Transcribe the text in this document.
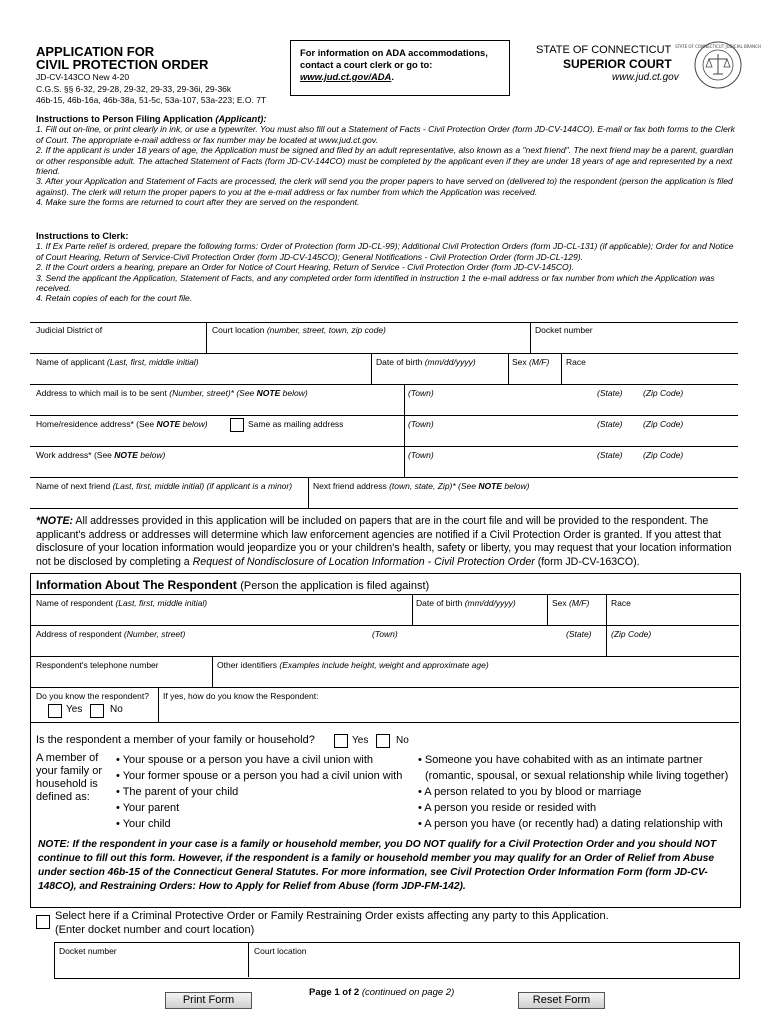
APPLICATION FOR
CIVIL PROTECTION ORDER
JD-CV-143CO New 4-20
C.G.S. §§ 6-32, 29-28, 29-32, 29-33, 29-36i, 29-36k
46b-15, 46b-16a, 46b-38a, 51-5c, 53a-107, 53a-223; E.O. 7T
For information on ADA accommodations,
contact a court clerk or go to:
www.jud.ct.gov/ADA.
STATE OF CONNECTICUT
SUPERIOR COURT
www.jud.ct.gov
STATE OF CONNECTICUT JUDICIAL BRANCH
Instructions to Person Filing Application (Applicant):
1. Fill out on-line, or print clearly in ink, or use a typewriter. You must also fill out a Statement of Facts - Civil Protection Order (form JD-CV-144CO). E-mail or fax both forms to the Clerk of Court. The appropriate e-mail address or fax number may be located at www.jud.ct.gov.
2. If the applicant is under 18 years of age, the Application must be signed and filed by an adult representative, also known as a "next friend". The next friend may be a parent, guardian or other responsible adult. The attached Statement of Facts (form JD-CV-144CO) must be completed by the applicant even if they are under 18 years of age and represented by a next friend.
3. After your Application and Statement of Facts are processed, the clerk will send you the proper papers to have served on (delivered to) the respondent (person the application is filed against). The clerk will return the proper papers to you at the e-mail address or fax number from which the Application was received.
4. Make sure the forms are returned to court after they are served on the respondent.
Instructions to Clerk:
1. If Ex Parte relief is ordered, prepare the following forms: Order of Protection (form JD-CL-99); Additional Civil Protection Orders (form JD-CL-131) (if applicable); Order for and Notice of Court Hearing, Return of Service-Civil Protection Order (form JD-CV-145CO); General Notifications - Civil Protection Order (form JD-CL-129).
2. If the Court orders a hearing, prepare an Order for Notice of Court Hearing, Return of Service - Civil Protection Order (form JD-CV-145CO).
3. Send the applicant the Application, Statement of Facts, and any completed order form identified in instruction 1 the e-mail address or fax number from which the Application was received.
4. Retain copies of each for the court file.
Judicial District of	Court location (number, street, town, zip code)	Docket number
Name of applicant (Last, first, middle initial)	Date of birth (mm/dd/yyyy)	Sex (M/F) Race
Address to which mail is to be sent (Number, street)* (See NOTE below)	(Town)	(State) (Zip Code)
Home/residence address* (See NOTE below)	Same as mailing address	(Town)	(State) (Zip Code)
Work address* (See NOTE below)	(Town)	(State) (Zip Code)
Name of next friend (Last, first, middle initial) (if applicant is a minor) Next friend address (town, state, Zip)* (See NOTE below)
*NOTE: All addresses provided in this application will be included on papers that are in the court file and will be provided to the respondent. The applicant's address or addresses will determine which law enforcement agencies are notified if a Civil Protection Order is granted. If you attest that disclosure of your location information would jeopardize you or your children's health, safety or liberty, you may request that your location information not be disclosed by completing a Request of Nondisclosure of Location Information - Civil Protection Order (form JD-CV-163CO).
Information About The Respondent (Person the application is filed against)
Name of respondent (Last, first, middle initial)	Date of birth (mm/dd/yyyy)	Sex (M/F)	Race
Address of respondent (Number, street)	(Town)	(State) (Zip Code)
Respondent's telephone number	Other identifiers (Examples include height, weight and approximate age)
Do you know the respondent? If yes, how do you know the Respondent:
Yes	No
Is the respondent a member of your family or household?	Yes	No
A member of
your family or
household is
defined as:
• Your spouse or a person you have a civil union with
• Your former spouse or a person you had a civil union with
• The parent of your child
• Your parent
• Your child
• Someone you have cohabited with as an intimate partner
(romantic, spousal, or sexual relationship while living together)
• A person related to you by blood or marriage
• A person you reside or resided with
• A person you have (or recently had) a dating relationship with
NOTE: If the respondent in your case is a family or household member, you DO NOT qualify for a Civil Protection Order and you should NOT continue to fill out this form. However, if the respondent is a family or household member you may qualify for an Order of Relief from Abuse under section 46b-15 of the Connecticut General Statutes. For more information, see Civil Protection Order Information Form (form JD-CV-148CO), and Restraining Orders: How to Apply for Relief from Abuse (form JDP-FM-142).
Select here if a Criminal Protective Order or Family Restraining Order exists affecting any party to this Application.
(Enter docket number and court location)
Docket number	Court location
Print Form
Page 1 of 2 (continued on page 2)
Reset Form
